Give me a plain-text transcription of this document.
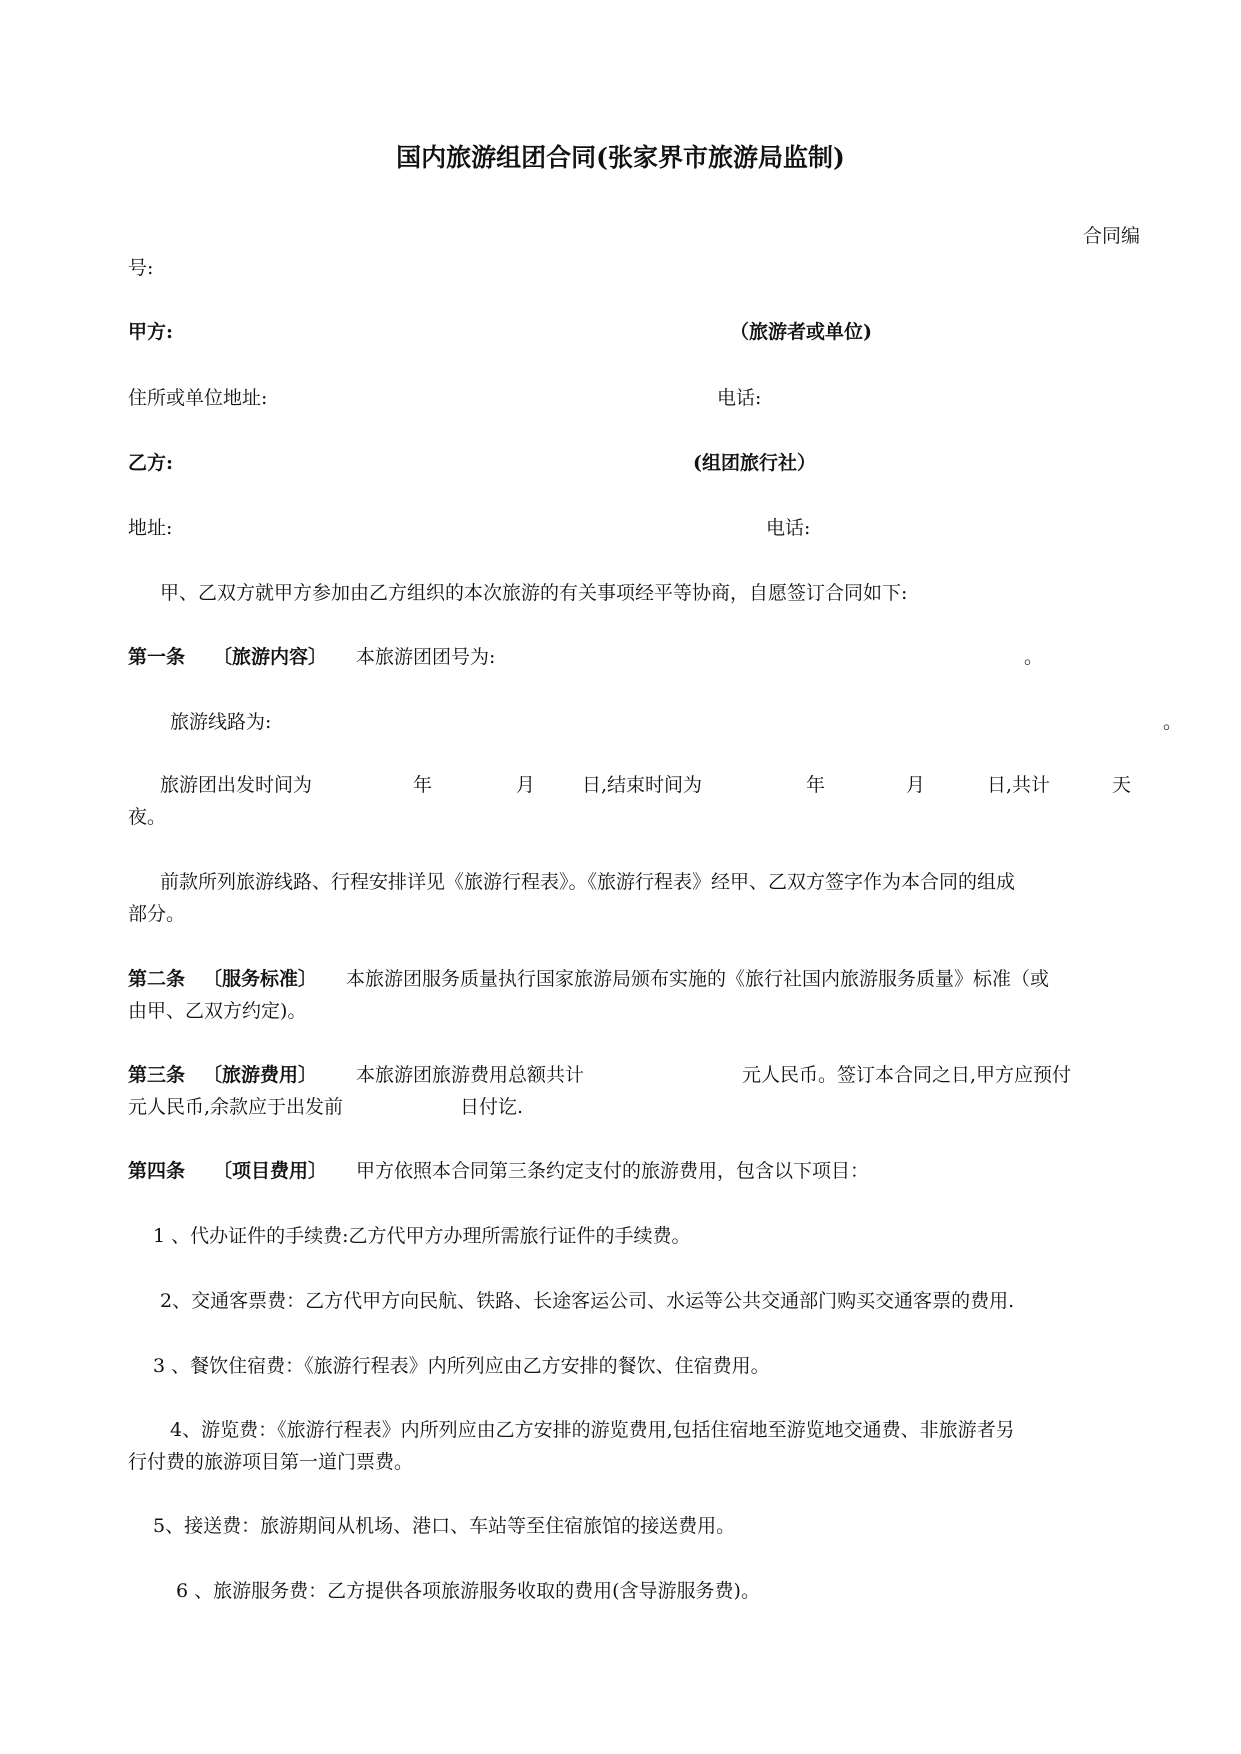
国内旅游组团合同(张家界市旅游局监制)
合同编
号:
甲方:	（旅游者或单位)
住所或单位地址:	电话:
乙方:	(组团旅行社）
地址:	电话:
甲、乙双方就甲方参加由乙方组织的本次旅游的有关事项经平等协商，自愿签订合同如下:
第一条 〔旅游内容〕 本旅游团团号为:	。
旅游线路为:	。
旅游团出发时间为	年	月 日,结束时间为	年	月	日,共计	天
夜。
前款所列旅游线路、行程安排详见《旅游行程表》。《旅游行程表》经甲、乙双方签字作为本合同的组成
部分。
第二条 〔服务标准〕 本旅游团服务质量执行国家旅游局颁布实施的《旅行社国内旅游服务质量》标准（或
由甲、乙双方约定)。
第三条 〔旅游费用〕 本旅游团旅游费用总额共计	元人民币。签订本合同之日,甲方应预付
元人民币,余款应于出发前	日付讫.
第四条 〔项目费用〕 甲方依照本合同第三条约定支付的旅游费用，包含以下项目：
1 、代办证件的手续费:乙方代甲方办理所需旅行证件的手续费。
2、交通客票费：乙方代甲方向民航、铁路、长途客运公司、水运等公共交通部门购买交通客票的费用.
3 、餐饮住宿费：《旅游行程表》内所列应由乙方安排的餐饮、住宿费用。
4、游览费：《旅游行程表》内所列应由乙方安排的游览费用,包括住宿地至游览地交通费、非旅游者另
行付费的旅游项目第一道门票费。
5、接送费：旅游期间从机场、港口、车站等至住宿旅馆的接送费用。
6 、旅游服务费：乙方提供各项旅游服务收取的费用(含导游服务费)。
